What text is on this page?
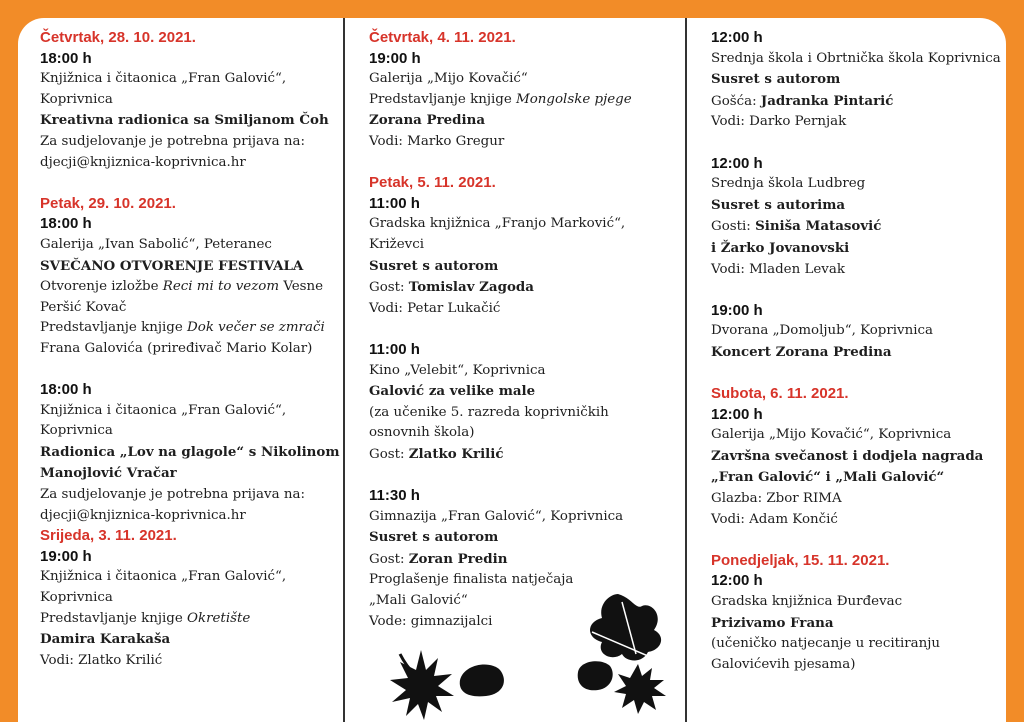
Četvrtak, 28. 10. 2021.
18:00 h
Knjižnica i čitaonica „Fran Galović“,
Koprivnica
Kreativna radionica sa Smiljanom Čoh
Za sudjelovanje je potrebna prijava na:
djecji@knjiznica-koprivnica.hr
Petak, 29. 10. 2021.
18:00 h
Galerija „Ivan Sabolić“, Peteranec
SVEČANO OTVORENJE FESTIVALA
Otvorenje izložbe Reci mi to vezom Vesne
Peršić Kovač
Predstavljanje knjige Dok večer se zmrači
Frana Galovića (priređivač Mario Kolar)
18:00 h
Knjižnica i čitaonica „Fran Galović“,
Koprivnica
Radionica „Lov na glagole“ s Nikolinom
Manojlović Vračar
Za sudjelovanje je potrebna prijava na:
djecji@knjiznica-koprivnica.hr
Srijeda, 3. 11. 2021.
19:00 h
Knjižnica i čitaonica „Fran Galović“,
Koprivnica
Predstavljanje knjige Okretište
Damira Karakaša
Vodi: Zlatko Krilić
Četvrtak, 4. 11. 2021.
19:00 h
Galerija „Mijo Kovačić“
Predstavljanje knjige Mongolske pjege
Zorana Predina
Vodi: Marko Gregur
Petak, 5. 11. 2021.
11:00 h
Gradska knjižnica „Franjo Marković“,
Križevci
Susret s autorom
Gost: Tomislav Zagoda
Vodi: Petar Lukačić
11:00 h
Kino „Velebit“, Koprivnica
Galović za velike male
(za učenike 5. razreda koprivničkih
osnovnih škola)
Gost: Zlatko Krilić
11:30 h
Gimnazija „Fran Galović“, Koprivnica
Susret s autorom
Gost: Zoran Predin
Proglašenje finalista natječaja
„Mali Galović“
Vode: gimnazijalci
12:00 h
Srednja škola i Obrtnička škola Koprivnica
Susret s autorom
Gošća: Jadranka Pintarić
Vodi: Darko Pernjak
12:00 h
Srednja škola Ludbreg
Susret s autorima
Gosti: Siniša Matasović
i Žarko Jovanovski
Vodi: Mladen Levak
19:00 h
Dvorana „Domoljub“, Koprivnica
Koncert Zorana Predina
Subota, 6. 11. 2021.
12:00 h
Galerija „Mijo Kovačić“, Koprivnica
Završna svečanost i dodjela nagrada
„Fran Galović“ i „Mali Galović“
Glazba: Zbor RIMA
Vodi: Adam Končić
Ponedjeljak, 15. 11. 2021.
12:00 h
Gradska knjižnica Đurđevac
Prizivamo Frana
(učeničko natjecanje u recitiranju
Galovićevih pjesama)
